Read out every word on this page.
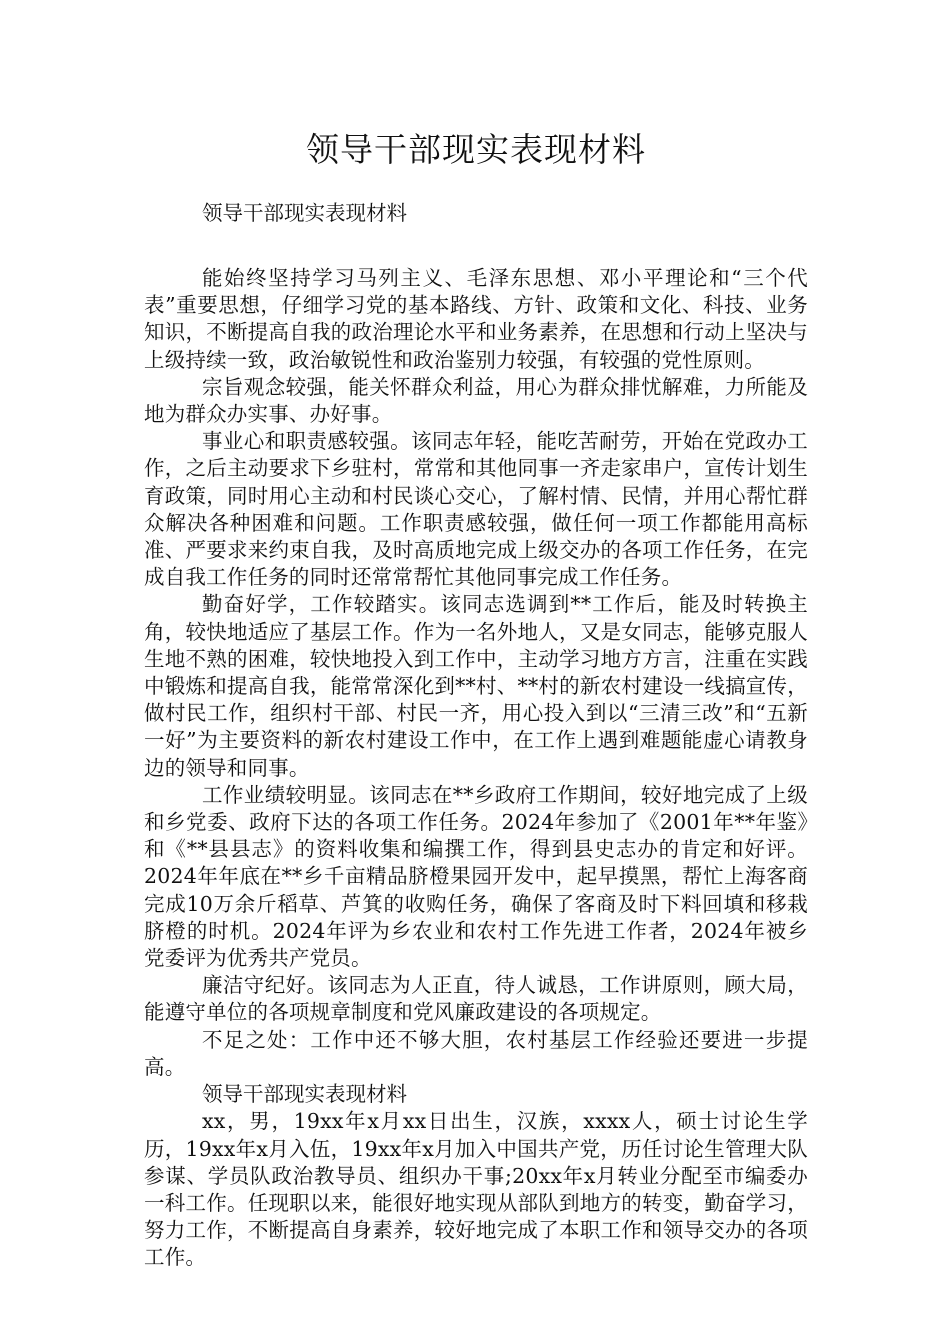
领导干部现实表现材料

领导干部现实表现材料

能始终坚持学习马列主义、毛泽东思想、邓小平理论和“三个代表”重要思想，仔细学习党的基本路线、方针、政策和文化、科技、业务知识，不断提高自我的政治理论水平和业务素养，在思想和行动上坚决与上级持续一致，政治敏锐性和政治鉴别力较强，有较强的党性原则。

宗旨观念较强，能关怀群众利益，用心为群众排忧解难，力所能及地为群众办实事、办好事。

事业心和职责感较强。该同志年轻，能吃苦耐劳，开始在党政办工作，之后主动要求下乡驻村，常常和其他同事一齐走家串户，宣传计划生育政策，同时用心主动和村民谈心交心，了解村情、民情，并用心帮忙群众解决各种困难和问题。工作职责感较强，做任何一项工作都能用高标准、严要求来约束自我，及时高质地完成上级交办的各项工作任务，在完成自我工作任务的同时还常常帮忙其他同事完成工作任务。

勤奋好学，工作较踏实。该同志选调到**工作后，能及时转换主角，较快地适应了基层工作。作为一名外地人，又是女同志，能够克服人生地不熟的困难，较快地投入到工作中，主动学习地方方言，注重在实践中锻炼和提高自我，能常常深化到**村、**村的新农村建设一线搞宣传，做村民工作，组织村干部、村民一齐，用心投入到以“三清三改”和“五新一好”为主要资料的新农村建设工作中，在工作上遇到难题能虚心请教身边的领导和同事。

工作业绩较明显。该同志在**乡政府工作期间，较好地完成了上级和乡党委、政府下达的各项工作任务。2024年参加了《2001年**年鉴》和《**县县志》的资料收集和编撰工作，得到县史志办的肯定和好评。2024年年底在**乡千亩精品脐橙果园开发中，起早摸黑，帮忙上海客商完成10万余斤稻草、芦箕的收购任务，确保了客商及时下料回填和移栽脐橙的时机。2024年评为乡农业和农村工作先进工作者，2024年被乡党委评为优秀共产党员。

廉洁守纪好。该同志为人正直，待人诚恳，工作讲原则，顾大局，能遵守单位的各项规章制度和党风廉政建设的各项规定。

不足之处：工作中还不够大胆，农村基层工作经验还要进一步提高。

领导干部现实表现材料

xx，男，19xx年x月xx日出生，汉族，xxxx人，硕士讨论生学历，19xx年x月入伍，19xx年x月加入中国共产党，历任讨论生管理大队参谋、学员队政治教导员、组织办干事;20xx年x月转业分配至市编委办一科工作。任现职以来，能很好地实现从部队到地方的转变，勤奋学习，努力工作，不断提高自身素养，较好地完成了本职工作和领导交办的各项工作。
